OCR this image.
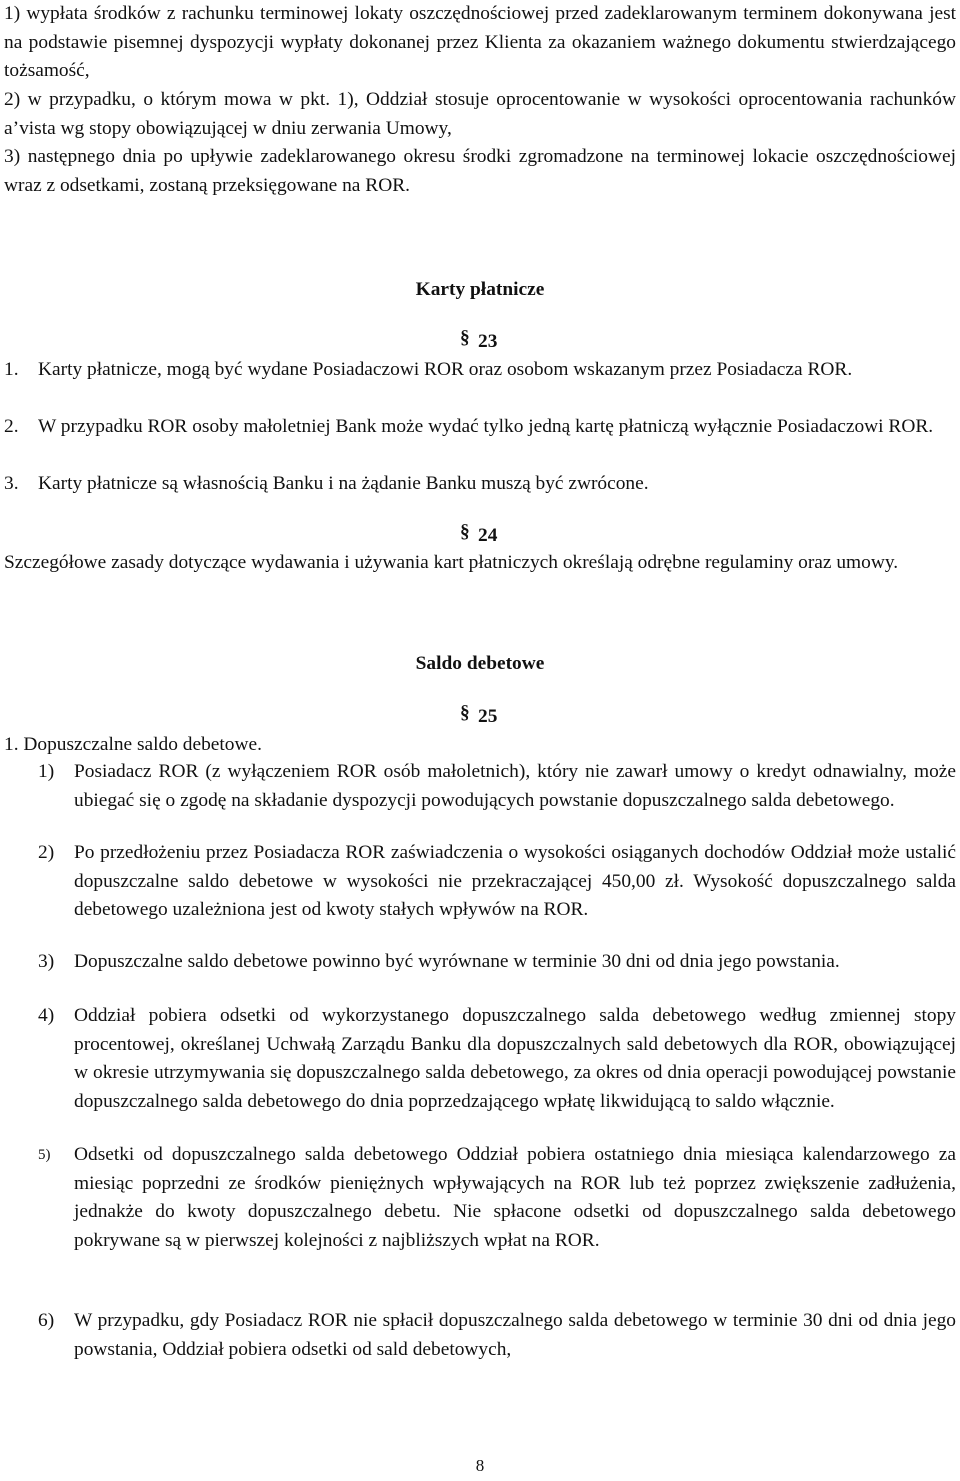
1) wypłata środków z rachunku terminowej lokaty oszczędnościowej przed zadeklarowanym terminem dokonywana jest na podstawie pisemnej dyspozycji wypłaty dokonanej przez Klienta za okazaniem ważnego dokumentu stwierdzającego tożsamość,
2) w przypadku, o którym mowa w pkt. 1), Oddział stosuje oprocentowanie w wysokości oprocentowania rachunków a’vista wg stopy obowiązującej w dniu zerwania Umowy,
3) następnego dnia po upływie zadeklarowanego okresu środki zgromadzone na terminowej lokacie oszczędnościowej wraz z odsetkami, zostaną przeksięgowane na ROR.
Karty płatnicze
§ 23
1. Karty płatnicze, mogą być wydane Posiadaczowi ROR oraz osobom wskazanym przez Posiadacza ROR.
2. W przypadku ROR osoby małoletniej Bank może wydać tylko jedną kartę płatniczą wyłącznie Posiadaczowi ROR.
3. Karty płatnicze są własnością Banku i na żądanie Banku muszą być zwrócone.
§ 24
Szczegółowe zasady dotyczące wydawania i używania kart płatniczych określają odrębne regulaminy oraz umowy.
Saldo debetowe
§ 25
1. Dopuszczalne saldo debetowe.
1) Posiadacz ROR (z wyłączeniem ROR osób małoletnich), który nie zawarł umowy o kredyt odnawialny, może ubiegać się o zgodę na składanie dyspozycji powodujących powstanie dopuszczalnego salda debetowego.
2) Po przedłożeniu przez Posiadacza ROR zaświadczenia o wysokości osiąganych dochodów Oddział może ustalić dopuszczalne saldo debetowe w wysokości nie przekraczającej 450,00 zł. Wysokość dopuszczalnego salda debetowego uzależniona jest od kwoty stałych wpływów na ROR.
3) Dopuszczalne saldo debetowe powinno być wyrównane w terminie 30 dni od dnia jego powstania.
4) Oddział pobiera odsetki od wykorzystanego dopuszczalnego salda debetowego według zmiennej stopy procentowej, określanej Uchwałą Zarządu Banku dla dopuszczalnych sald debetowych dla ROR, obowiązującej w okresie utrzymywania się dopuszczalnego salda debetowego, za okres od dnia operacji powodującej powstanie dopuszczalnego salda debetowego do dnia poprzedzającego wpłatę likwidującą to saldo włącznie.
5) Odsetki od dopuszczalnego salda debetowego Oddział pobiera ostatniego dnia miesiąca kalendarzowego za miesiąc poprzedni ze środków pieniężnych wpływających na ROR lub też poprzez zwiększenie zadłużenia, jednakże do kwoty dopuszczalnego debetu. Nie spłacone odsetki od dopuszczalnego salda debetowego pokrywane są w pierwszej kolejności z najbliższych wpłat na ROR.
6) W przypadku, gdy Posiadacz ROR nie spłacił dopuszczalnego salda debetowego w terminie 30 dni od dnia jego powstania, Oddział pobiera odsetki od sald debetowych,
8
